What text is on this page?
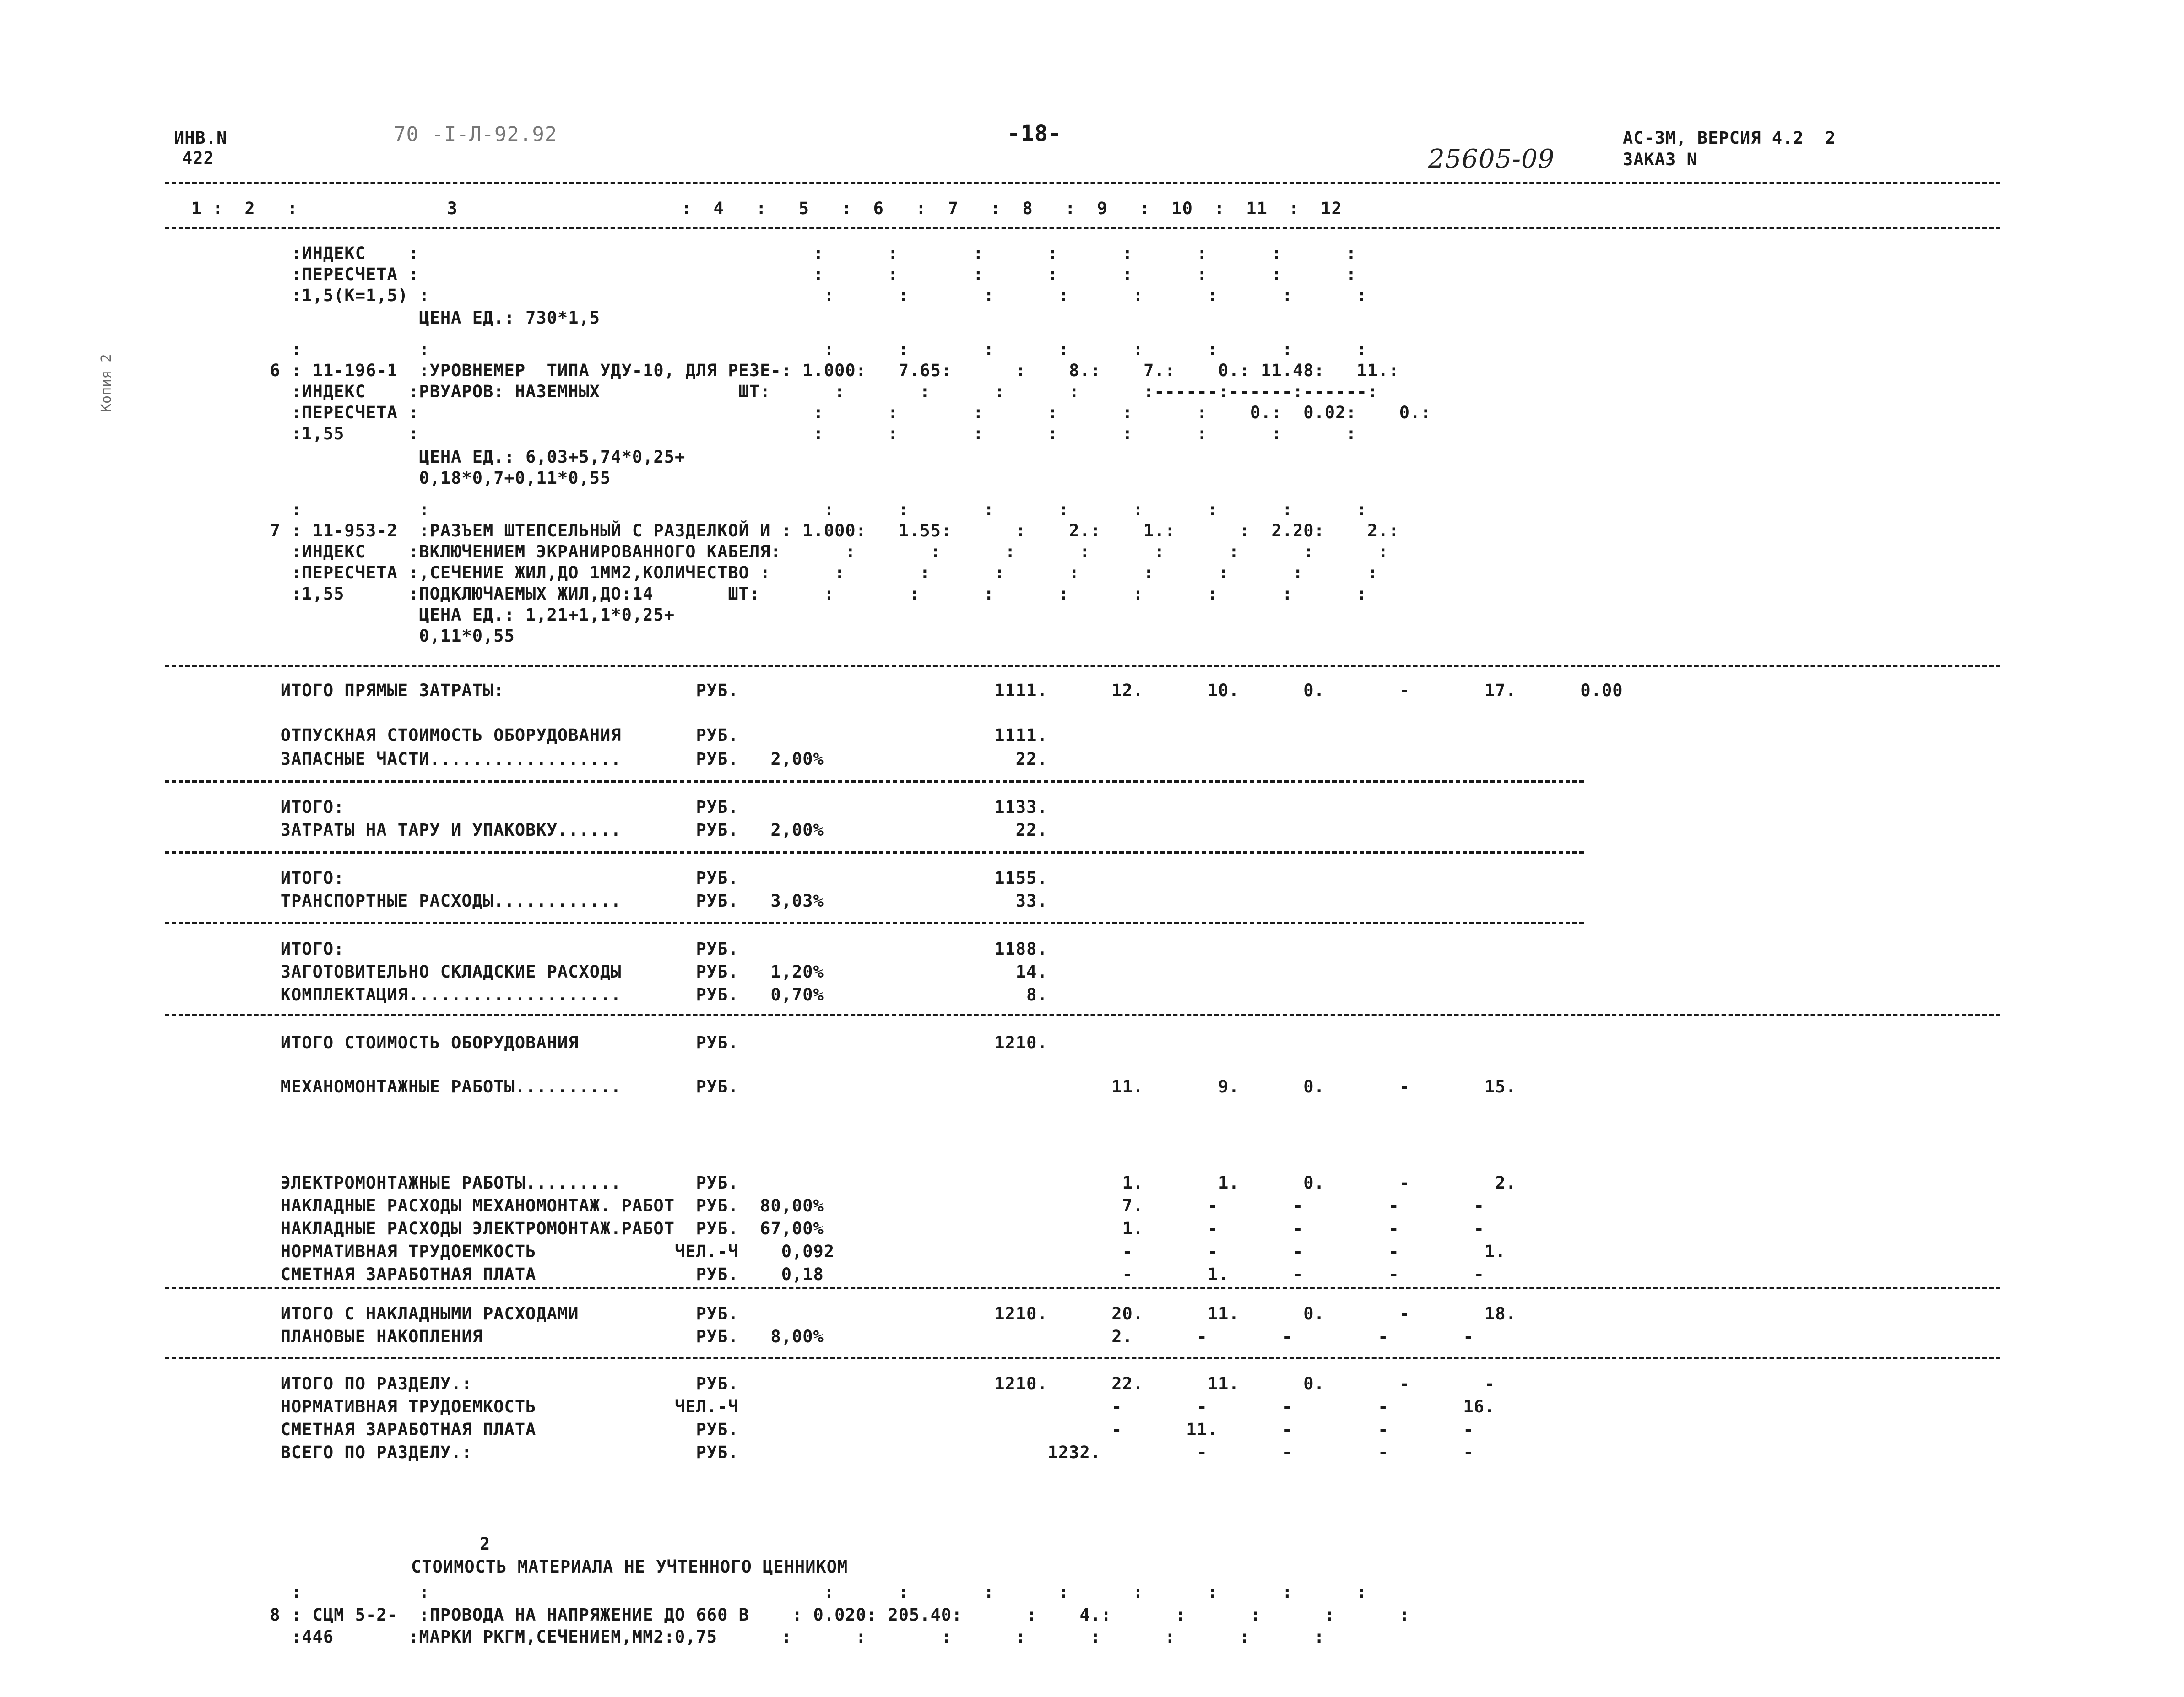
ИНВ.N
422
70 -I-Л-92.92	-18-
25605-09
АС-3М, ВЕРСИЯ 4.2  2
ЗАКАЗ N
Копия 2
1 :  2   :              3                     :  4   :   5   :  6   :  7   :  8   :  9   :  10  :  11  :  12
:ИНДЕКС    :                                     :      :       :      :      :      :      :      :
:ПЕРЕСЧЕТА :                                     :      :       :      :      :      :      :      :
:1,5(К=1,5) :                                     :      :       :      :      :      :      :      :
ЦЕНА ЕД.: 730*1,5
:           :                                     :      :       :      :      :      :      :      :
6 : 11-196-1  :УРОВНЕМЕР  ТИПА УДУ-10, ДЛЯ РЕЗЕ-: 1.000:   7.65:      :    8.:    7.:    0.: 11.48:   11.:
:ИНДЕКС    :РВУАРОВ: НАЗЕМНЫХ             ШТ:      :       :      :      :      :------:------:------:
:ПЕРЕСЧЕТА :                                     :      :       :      :      :      :    0.:  0.02:    0.:
:1,55      :                                     :      :       :      :      :      :      :      :
ЦЕНА ЕД.: 6,03+5,74*0,25+
0,18*0,7+0,11*0,55
:           :                                     :      :       :      :      :      :      :      :
7 : 11-953-2  :РАЗЪЕМ ШТЕПСЕЛЬНЫЙ С РАЗДЕЛКОЙ И : 1.000:   1.55:      :    2.:    1.:      :  2.20:    2.:
:ИНДЕКС    :ВКЛЮЧЕНИЕМ ЭКРАНИРОВАННОГО КАБЕЛЯ:      :       :      :      :      :      :      :      :
:ПЕРЕСЧЕТА :,СЕЧЕНИЕ ЖИЛ,ДО 1ММ2,КОЛИЧЕСТВО :      :       :      :      :      :      :      :      :
:1,55      :ПОДКЛЮЧАЕМЫХ ЖИЛ,ДО:14       ШТ:      :       :      :      :      :      :      :      :
ЦЕНА ЕД.: 1,21+1,1*0,25+
0,11*0,55
ИТОГО ПРЯМЫЕ ЗАТРАТЫ:                  РУБ.                        1111.      12.      10.      0.       -       17.      0.00
ОТПУСКНАЯ СТОИМОСТЬ ОБОРУДОВАНИЯ       РУБ.                        1111.
ЗАПАСНЫЕ ЧАСТИ..................       РУБ.   2,00%                  22.
ИТОГО:                                 РУБ.                        1133.
ЗАТРАТЫ НА ТАРУ И УПАКОВКУ......       РУБ.   2,00%                  22.
ИТОГО:                                 РУБ.                        1155.
ТРАНСПОРТНЫЕ РАСХОДЫ............       РУБ.   3,03%                  33.
ИТОГО:                                 РУБ.                        1188.
ЗАГОТОВИТЕЛЬНО СКЛАДСКИЕ РАСХОДЫ       РУБ.   1,20%                  14.
КОМПЛЕКТАЦИЯ....................       РУБ.   0,70%                   8.
ИТОГО СТОИМОСТЬ ОБОРУДОВАНИЯ           РУБ.                        1210.
МЕХАНОМОНТАЖНЫЕ РАБОТЫ..........       РУБ.                                   11.       9.      0.       -       15.
ЭЛЕКТРОМОНТАЖНЫЕ РАБОТЫ.........       РУБ.                                    1.       1.      0.       -        2.
НАКЛАДНЫЕ РАСХОДЫ МЕХАНОМОНТАЖ. РАБОТ  РУБ.  80,00%                            7.      -       -        -       -
НАКЛАДНЫЕ РАСХОДЫ ЭЛЕКТРОМОНТАЖ.РАБОТ  РУБ.  67,00%                            1.      -       -        -       -
НОРМАТИВНАЯ ТРУДОЕМКОСТЬ             ЧЕЛ.-Ч    0,092                           -       -       -        -        1.
СМЕТНАЯ ЗАРАБОТНАЯ ПЛАТА               РУБ.    0,18                            -       1.      -        -       -
ИТОГО С НАКЛАДНЫМИ РАСХОДАМИ           РУБ.                        1210.      20.      11.      0.       -       18.
ПЛАНОВЫЕ НАКОПЛЕНИЯ                    РУБ.   8,00%                           2.      -       -        -       -
ИТОГО ПО РАЗДЕЛУ.:                     РУБ.                        1210.      22.      11.      0.       -       -
НОРМАТИВНАЯ ТРУДОЕМКОСТЬ             ЧЕЛ.-Ч                                   -       -       -        -       16.
СМЕТНАЯ ЗАРАБОТНАЯ ПЛАТА               РУБ.                                   -      11.      -        -       -
ВСЕГО ПО РАЗДЕЛУ.:                     РУБ.                             1232.         -       -        -       -
2
СТОИМОСТЬ МАТЕРИАЛА НЕ УЧТЕННОГО ЦЕННИКОМ
:           :                                     :      :       :      :      :      :      :      :
8 : СЦМ 5-2-  :ПРОВОДА НА НАПРЯЖЕНИЕ ДО 660 В    : 0.020: 205.40:      :    4.:      :      :      :      :
:446       :МАРКИ РКГМ,СЕЧЕНИЕМ,ММ2:0,75      :      :       :      :      :      :      :      :
